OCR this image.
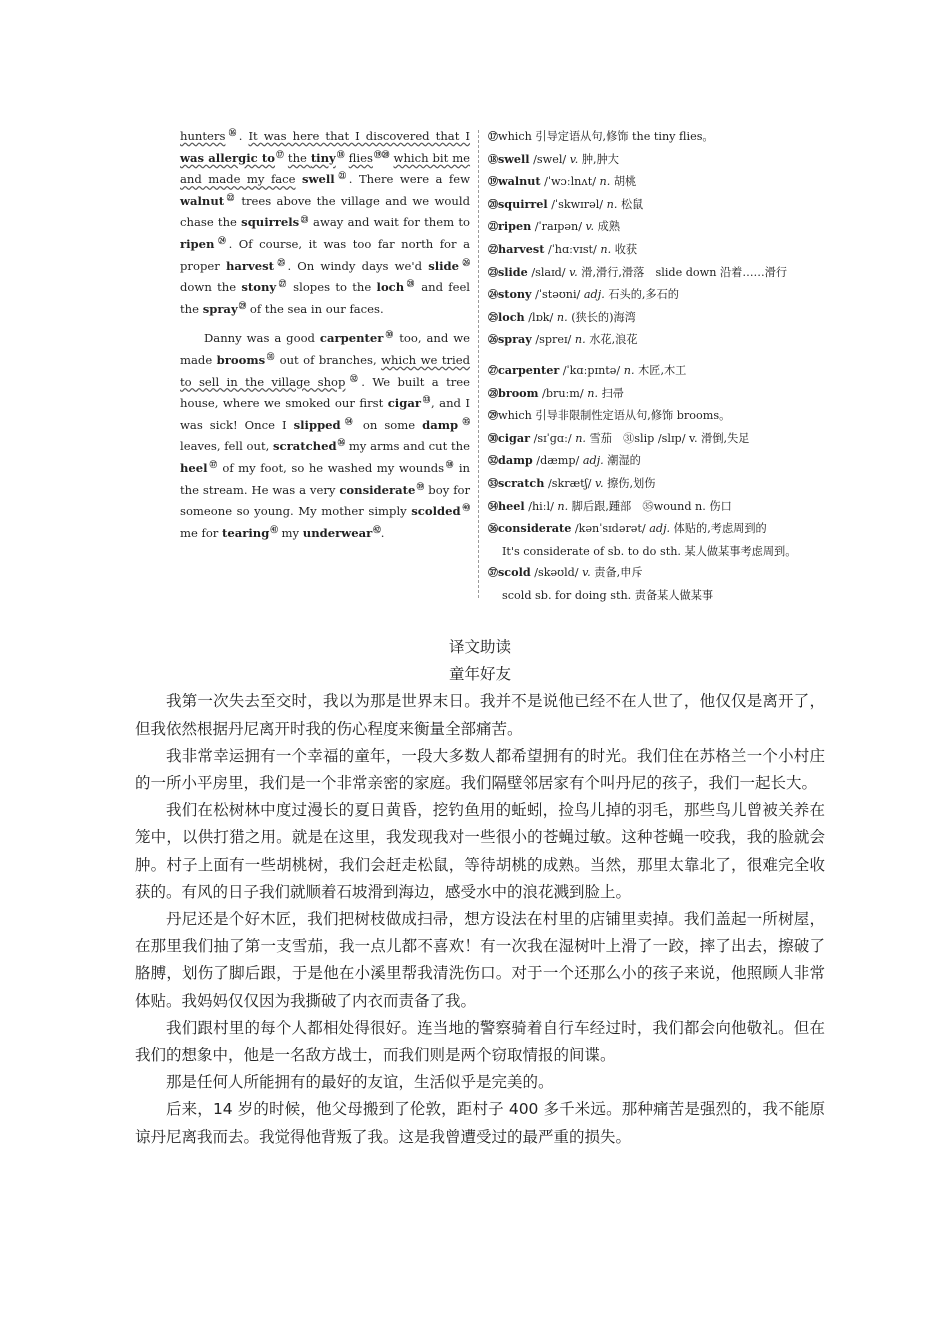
hunters⑯. It was here that I discovered that I was allergic to⑰ the tiny⑱ flies⑲⑳ which bit me and made my face swell$^㉑$. There were a few walnut$^㉒$ trees above the village and we would chase the squirrels$^㉓$ away and wait for them to ripen$^㉔$. Of course, it was too far north for a proper harvest$^㉕$. On windy days we'd slide$^㉖$ down the stony$^㉗$ slopes to the loch$^㉘$ and feel the spray$^㉙$ of the sea in our faces.

Danny was a good carpenter$^㉚$ too, and we made brooms$^㉛$ out of branches, which we tried to sell in the village shop$^㉜$. We built a tree house, where we smoked our first cigar$^㉝$, and I was sick! Once I slipped$^㉞$ on some damp$^㉟$ leaves, fell out, scratched$^㊱$ my arms and cut the heel$^㊲$ of my foot, so he washed my wounds$^㊳$ in the stream. He was a very considerate$^㊴$ boy for someone so young. My mother simply scolded$^㊵$ me for tearing$^㊶$ my underwear$^㊷$.

⑰which 引导定语从句,修饰 the tiny flies。
⑱swell /swel/ v. 肿,肿大
⑲walnut /ˈwɔːlnʌt/ n. 胡桃
⑳squirrel /ˈskwɪrəl/ n. 松鼠
㉑ripen /ˈraɪpən/ v. 成熟
㉒harvest /ˈhɑːvɪst/ n. 收获
㉓slide /slaɪd/ v. 滑,滑行,滑落　slide down 沿着……滑行
㉔stony /ˈstəʊni/ adj. 石头的,多石的
㉕loch /lɒk/ n. (狭长的)海湾
㉖spray /spreɪ/ n. 水花,浪花
㉗carpenter /ˈkɑːpɪntə/ n. 木匠,木工
㉘broom /bruːm/ n. 扫帚
㉙which 引导非限制性定语从句,修饰 brooms。
㉚cigar /sɪˈɡɑː/ n. 雪茄　㉛slip /slɪp/ v. 滑倒,失足
㉜damp /dæmp/ adj. 潮湿的
㉝scratch /skrætʃ/ v. 擦伤,划伤
㉞heel /hiːl/ n. 脚后跟,踵部　㉟wound n. 伤口
㊱considerate /kənˈsɪdərət/ adj. 体贴的,考虑周到的
It's considerate of sb. to do sth. 某人做某事考虑周到。
㊲scold /skəʊld/ v. 责备,申斥
scold sb. for doing sth. 责备某人做某事

译文助读

童年好友

我第一次失去至交时，我以为那是世界末日。我并不是说他已经不在人世了，他仅仅是离开了，但我依然根据丹尼离开时我的伤心程度来衡量全部痛苦。

我非常幸运拥有一个幸福的童年，一段大多数人都希望拥有的时光。我们住在苏格兰一个小村庄的一所小平房里，我们是一个非常亲密的家庭。我们隔壁邻居家有个叫丹尼的孩子，我们一起长大。

我们在松树林中度过漫长的夏日黄昏，挖钓鱼用的蚯蚓，捡鸟儿掉的羽毛，那些鸟儿曾被关养在笼中，以供打猎之用。就是在这里，我发现我对一些很小的苍蝇过敏。这种苍蝇一咬我，我的脸就会肿。村子上面有一些胡桃树，我们会赶走松鼠，等待胡桃的成熟。当然，那里太靠北了，很难完全收获的。有风的日子我们就顺着石坡滑到海边，感受水中的浪花溅到脸上。

丹尼还是个好木匠，我们把树枝做成扫帚，想方设法在村里的店铺里卖掉。我们盖起一所树屋，在那里我们抽了第一支雪茄，我一点儿都不喜欢！有一次我在湿树叶上滑了一跤，摔了出去，擦破了胳膊，划伤了脚后跟，于是他在小溪里帮我清洗伤口。对于一个还那么小的孩子来说，他照顾人非常体贴。我妈妈仅仅因为我撕破了内衣而责备了我。

我们跟村里的每个人都相处得很好。连当地的警察骑着自行车经过时，我们都会向他敬礼。但在我们的想象中，他是一名敌方战士，而我们则是两个窃取情报的间谍。

那是任何人所能拥有的最好的友谊，生活似乎是完美的。

后来，14 岁的时候，他父母搬到了伦敦，距村子 400 多千米远。那种痛苦是强烈的，我不能原谅丹尼离我而去。我觉得他背叛了我。这是我曾遭受过的最严重的损失。
